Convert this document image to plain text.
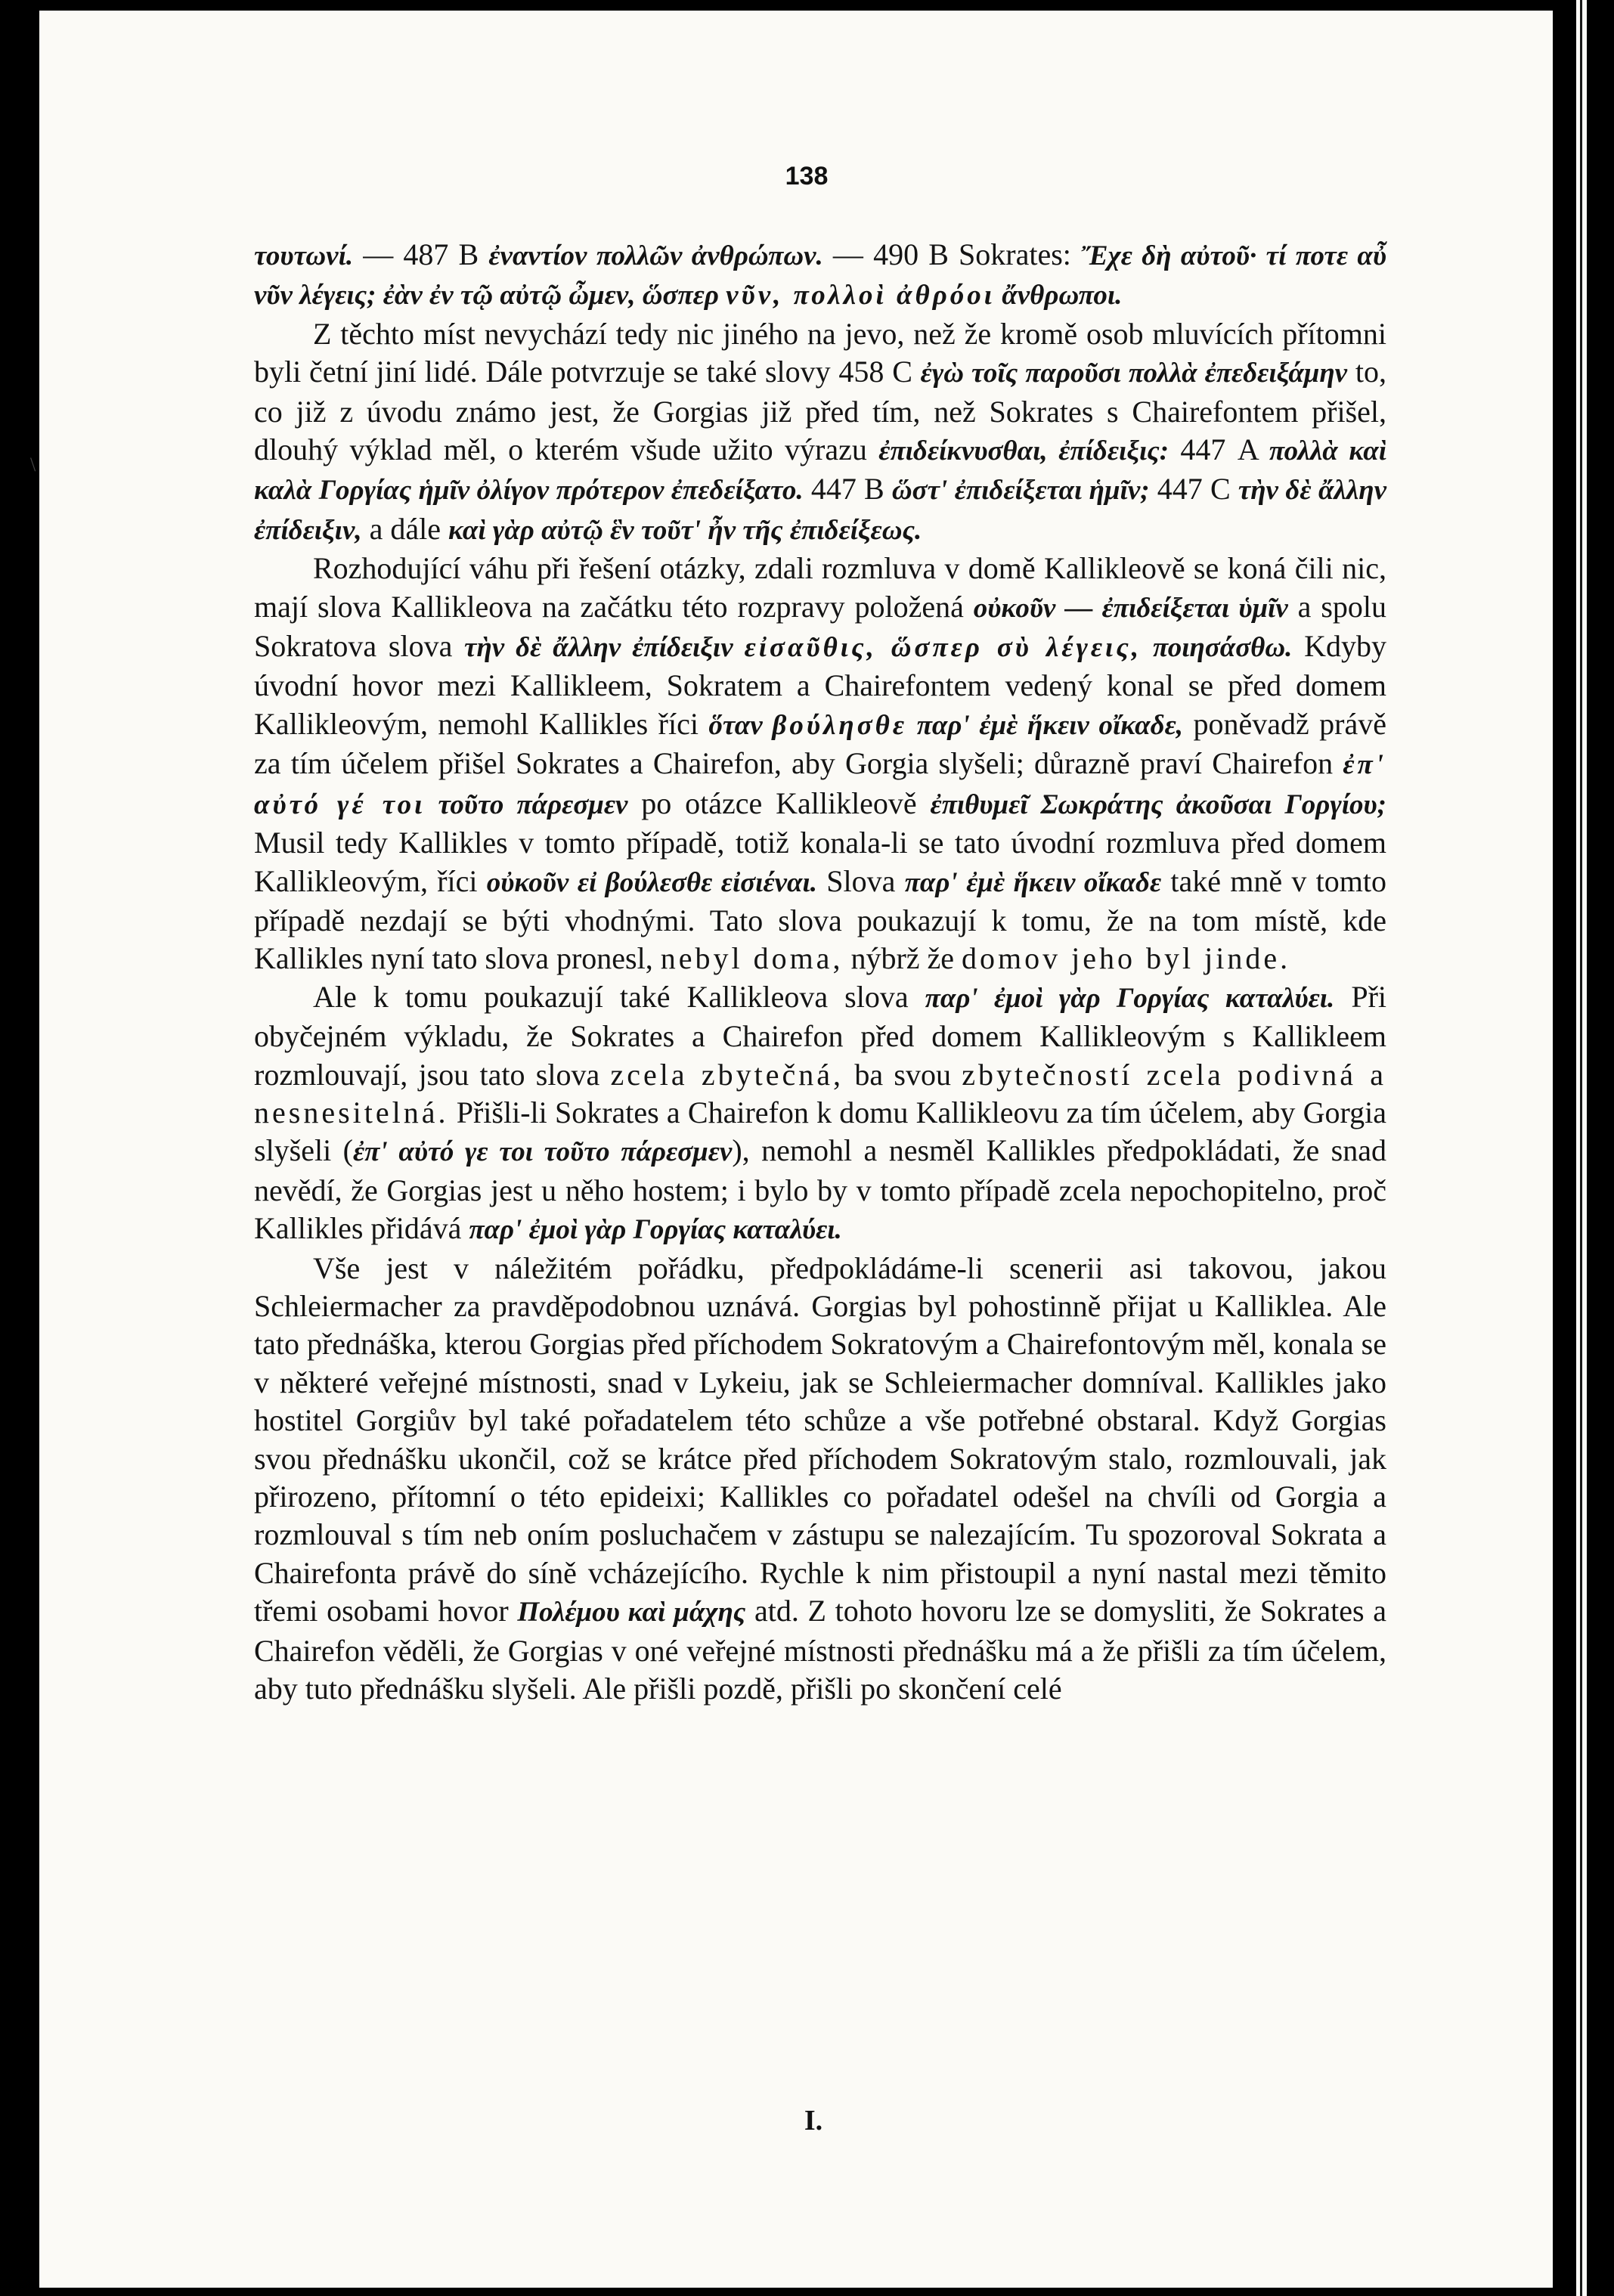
138
\

τουτωνί. — 487 B ἐναντίον πολλῶν ἀνθρώπων. — 490 B Sokrates: Ἔχε δὴ αὐτοῦ· τί ποτε αὖ νῦν λέγεις; ἐὰν ἐν τῷ αὐτῷ ὦμεν, ὥσπερ νῦν, πολλοὶ ἀθρόοι ἄνθρωποι.

Z těchto míst nevychází tedy nic jiného na jevo, než že kromě osob mluvících přítomni byli četní jiní lidé. Dále potvrzuje se také slovy 458 C ἐγὼ τοῖς παροῦσι πολλὰ ἐπεδειξάμην to, co již z úvodu známo jest, že Gorgias již před tím, než Sokrates s Chairefontem přišel, dlouhý výklad měl, o kterém všude užito výrazu ἐπιδείκνυσθαι, ἐπίδειξις: 447 A πολλὰ καὶ καλὰ Γοργίας ἡμῖν ὀλίγον πρότερον ἐπεδείξατο. 447 B ὥστ' ἐπιδείξεται ἡμῖν; 447 C τὴν δὲ ἄλλην ἐπίδειξιν, a dále καὶ γὰρ αὐτῷ ἓν τοῦτ' ἦν τῆς ἐπιδείξεως.

Rozhodující váhu při řešení otázky, zdali rozmluva v domě Kallikleově se koná čili nic, mají slova Kallikleova na začátku této rozpravy položená οὐκοῦν — ἐπιδείξεται ὑμῖν a spolu Sokratova slova τὴν δὲ ἄλλην ἐπίδειξιν εἰσαῦθις, ὥσπερ σὺ λέγεις, ποιησάσθω. Kdyby úvodní hovor mezi Kallikleem, Sokratem a Chairefontem vedený konal se před domem Kallikleovým, nemohl Kallikles říci ὅταν βούλησθε παρ' ἐμὲ ἥκειν οἴκαδε, poněvadž právě za tím účelem přišel Sokrates a Chairefon, aby Gorgia slyšeli; důrazně praví Chairefon ἐπ' αὐτό γέ τοι τοῦτο πάρεσμεν po otázce Kallikleově ἐπιθυμεῖ Σωκράτης ἀκοῦσαι Γοργίου; Musil tedy Kallikles v tomto případě, totiž konala-li se tato úvodní rozmluva před domem Kallikleovým, říci οὐκοῦν εἰ βούλεσθε εἰσιέναι. Slova παρ' ἐμὲ ἥκειν οἴκαδε také mně v tomto případě nezdají se býti vhodnými. Tato slova poukazují k tomu, že na tom místě, kde Kallikles nyní tato slova pronesl, nebyl doma, nýbrž že domov jeho byl jinde.

Ale k tomu poukazují také Kallikleova slova παρ' ἐμοὶ γὰρ Γοργίας καταλύει. Při obyčejném výkladu, že Sokrates a Chairefon před domem Kallikleovým s Kallikleem rozmlouvají, jsou tato slova zcela zbytečná, ba svou zbytečností zcela podivná a nesnesitelná. Přišli-li Sokrates a Chairefon k domu Kallikleovu za tím účelem, aby Gorgia slyšeli (ἐπ' αὐτό γε τοι τοῦτο πάρεσμεν), nemohl a nesměl Kallikles předpokládati, že snad nevědí, že Gorgias jest u něho hostem; i bylo by v tomto případě zcela nepochopitelno, proč Kallikles přidává παρ' ἐμοὶ γὰρ Γοργίας καταλύει.

Vše jest v náležitém pořádku, předpokládáme-li scenerii asi takovou, jakou Schleiermacher za pravděpodobnou uznává. Gorgias byl pohostinně přijat u Kalliklea. Ale tato přednáška, kterou Gorgias před příchodem Sokratovým a Chairefontovým měl, konala se v některé veřejné místnosti, snad v Lykeiu, jak se Schleiermacher domníval. Kallikles jako hostitel Gorgiův byl také pořadatelem této schůze a vše potřebné obstaral. Když Gorgias svou přednášku ukončil, což se krátce před příchodem Sokratovým stalo, rozmlouvali, jak přirozeno, přítomní o této epideixi; Kallikles co pořadatel odešel na chvíli od Gorgia a rozmlouval s tím neb oním posluchačem v zástupu se nalezajícím. Tu spozoroval Sokrata a Chairefonta právě do síně vcházejícího. Rychle k nim přistoupil a nyní nastal mezi těmito třemi osobami hovor Πολέμου καὶ μάχης atd. Z tohoto hovoru lze se domysliti, že Sokrates a Chairefon věděli, že Gorgias v oné veřejné místnosti přednášku má a že přišli za tím účelem, aby tuto přednášku slyšeli. Ale přišli pozdě, přišli po skončení celé

I.
